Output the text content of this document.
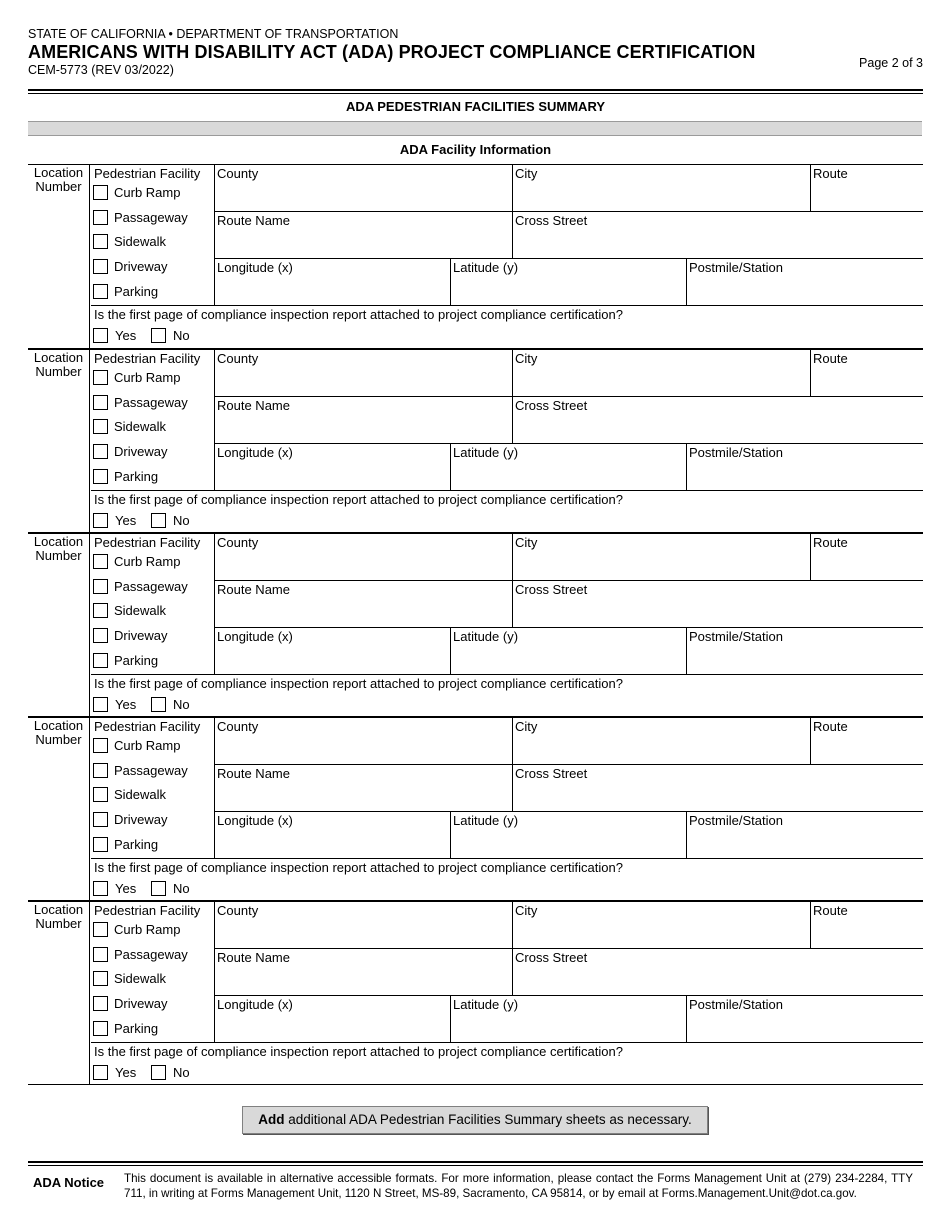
STATE OF CALIFORNIA • DEPARTMENT OF TRANSPORTATION
AMERICANS WITH DISABILITY ACT (ADA) PROJECT COMPLIANCE CERTIFICATION
CEM-5773 (REV 03/2022)	Page 2 of 3
ADA PEDESTRIAN FACILITIES SUMMARY
ADA Facility Information
Location Number
Pedestrian Facility
Curb Ramp
Passageway
Sidewalk
Driveway
Parking
County	City	Route
Route Name	Cross Street
Longitude (x)	Latitude (y)	Postmile/Station
Is the first page of compliance inspection report attached to project compliance certification?
Yes	No
Location Number
Pedestrian Facility
Curb Ramp
Passageway
Sidewalk
Driveway
Parking
County	City	Route
Route Name	Cross Street
Longitude (x)	Latitude (y)	Postmile/Station
Is the first page of compliance inspection report attached to project compliance certification?
Yes	No
Location Number
Pedestrian Facility
Curb Ramp
Passageway
Sidewalk
Driveway
Parking
County	City	Route
Route Name	Cross Street
Longitude (x)	Latitude (y)	Postmile/Station
Is the first page of compliance inspection report attached to project compliance certification?
Yes	No
Location Number
Pedestrian Facility
Curb Ramp
Passageway
Sidewalk
Driveway
Parking
County	City	Route
Route Name	Cross Street
Longitude (x)	Latitude (y)	Postmile/Station
Is the first page of compliance inspection report attached to project compliance certification?
Yes	No
Location Number
Pedestrian Facility
Curb Ramp
Passageway
Sidewalk
Driveway
Parking
County	City	Route
Route Name	Cross Street
Longitude (x)	Latitude (y)	Postmile/Station
Is the first page of compliance inspection report attached to project compliance certification?
Yes	No
Add additional ADA Pedestrian Facilities Summary sheets as necessary.
ADA Notice This document is available in alternative accessible formats. For more information, please contact the Forms Management Unit at (279) 234-2284, TTY 711, in writing at Forms Management Unit, 1120 N Street, MS-89, Sacramento, CA 95814, or by email at Forms.Management.Unit@dot.ca.gov.
